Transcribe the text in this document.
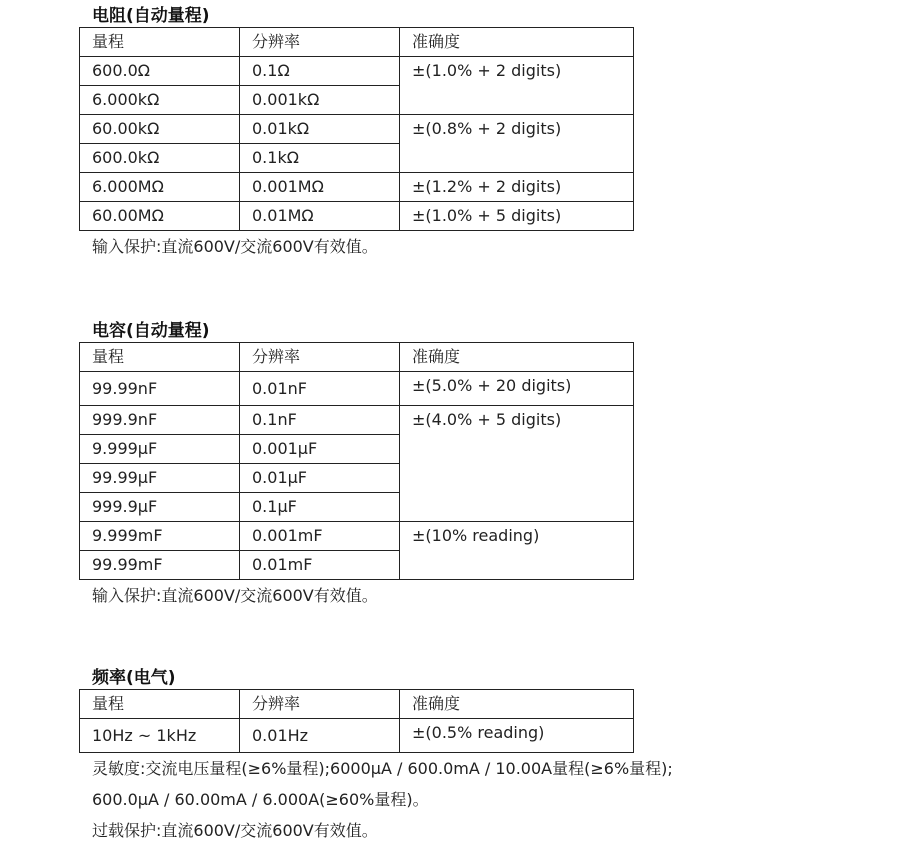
电阻(自动量程)
量程	分辨率	准确度
600.0Ω	0.1Ω	±(1.0% + 2 digits)
6.000kΩ	0.001kΩ	
60.00kΩ	0.01kΩ	±(0.8% + 2 digits)
600.0kΩ	0.1kΩ	
6.000MΩ	0.001MΩ	±(1.2% + 2 digits)
60.00MΩ	0.01MΩ	±(1.0% + 5 digits)
输入保护:直流600V/交流600V有效值。
电容(自动量程)
量程	分辨率	准确度
99.99nF	0.01nF	±(5.0% + 20 digits)
999.9nF	0.1nF	±(4.0% + 5 digits)
9.999μF	0.001μF	
99.99μF	0.01μF	
999.9μF	0.1μF	
9.999mF	0.001mF	±(10% reading)
99.99mF	0.01mF	
输入保护:直流600V/交流600V有效值。
频率(电气)
量程	分辨率	准确度
10Hz ~ 1kHz	0.01Hz	±(0.5% reading)
灵敏度:交流电压量程(≥6%量程);6000μA / 600.0mA / 10.00A量程(≥6%量程);
600.0μA / 60.00mA / 6.000A(≥60%量程)。
过载保护:直流600V/交流600V有效值。
